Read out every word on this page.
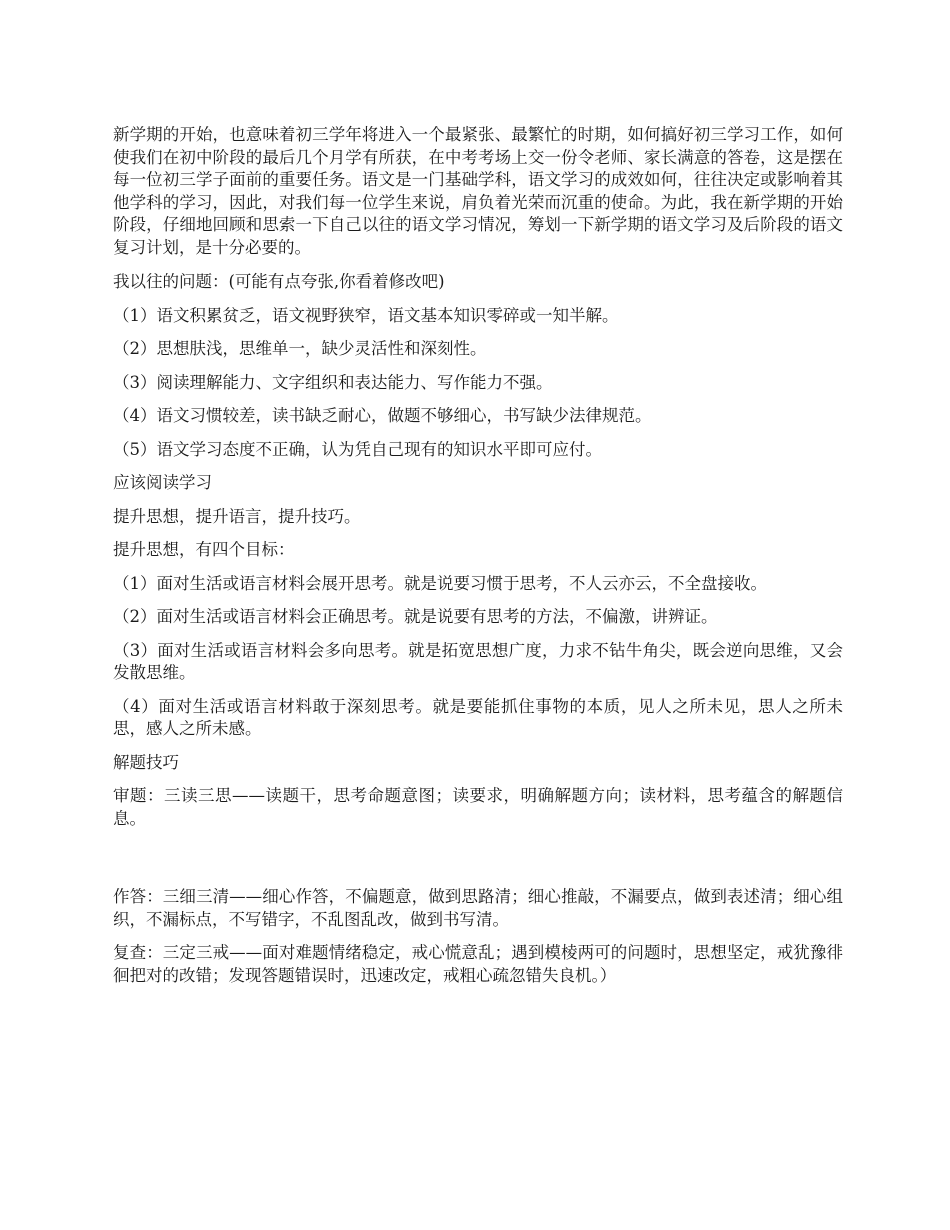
新学期的开始，也意味着初三学年将进入一个最紧张、最繁忙的时期，如何搞好初三学习工作，如何使我们在初中阶段的最后几个月学有所获，在中考考场上交一份令老师、家长满意的答卷，这是摆在每一位初三学子面前的重要任务。语文是一门基础学科，语文学习的成效如何，往往决定或影响着其他学科的学习，因此，对我们每一位学生来说，肩负着光荣而沉重的使命。为此，我在新学期的开始阶段，仔细地回顾和思索一下自己以往的语文学习情况，筹划一下新学期的语文学习及后阶段的语文复习计划，是十分必要的。

我以往的问题：(可能有点夸张,你看着修改吧)

（1）语文积累贫乏，语文视野狭窄，语文基本知识零碎或一知半解。

（2）思想肤浅，思维单一，缺少灵活性和深刻性。

（3）阅读理解能力、文字组织和表达能力、写作能力不强。

（4）语文习惯较差，读书缺乏耐心，做题不够细心，书写缺少法律规范。

（5）语文学习态度不正确，认为凭自己现有的知识水平即可应付。

应该阅读学习

提升思想，提升语言，提升技巧。

提升思想，有四个目标：

（1）面对生活或语言材料会展开思考。就是说要习惯于思考，不人云亦云，不全盘接收。

（2）面对生活或语言材料会正确思考。就是说要有思考的方法，不偏激，讲辨证。

（3）面对生活或语言材料会多向思考。就是拓宽思想广度，力求不钻牛角尖，既会逆向思维，又会发散思维。

（4）面对生活或语言材料敢于深刻思考。就是要能抓住事物的本质，见人之所未见，思人之所未思，感人之所未感。

解题技巧

审题：三读三思——读题干，思考命题意图；读要求，明确解题方向；读材料，思考蕴含的解题信息。

作答：三细三清——细心作答，不偏题意，做到思路清；细心推敲，不漏要点，做到表述清；细心组织，不漏标点，不写错字，不乱图乱改，做到书写清。

复查：三定三戒——面对难题情绪稳定，戒心慌意乱；遇到模棱两可的问题时，思想坚定，戒犹豫徘徊把对的改错；发现答题错误时，迅速改定，戒粗心疏忽错失良机。）
